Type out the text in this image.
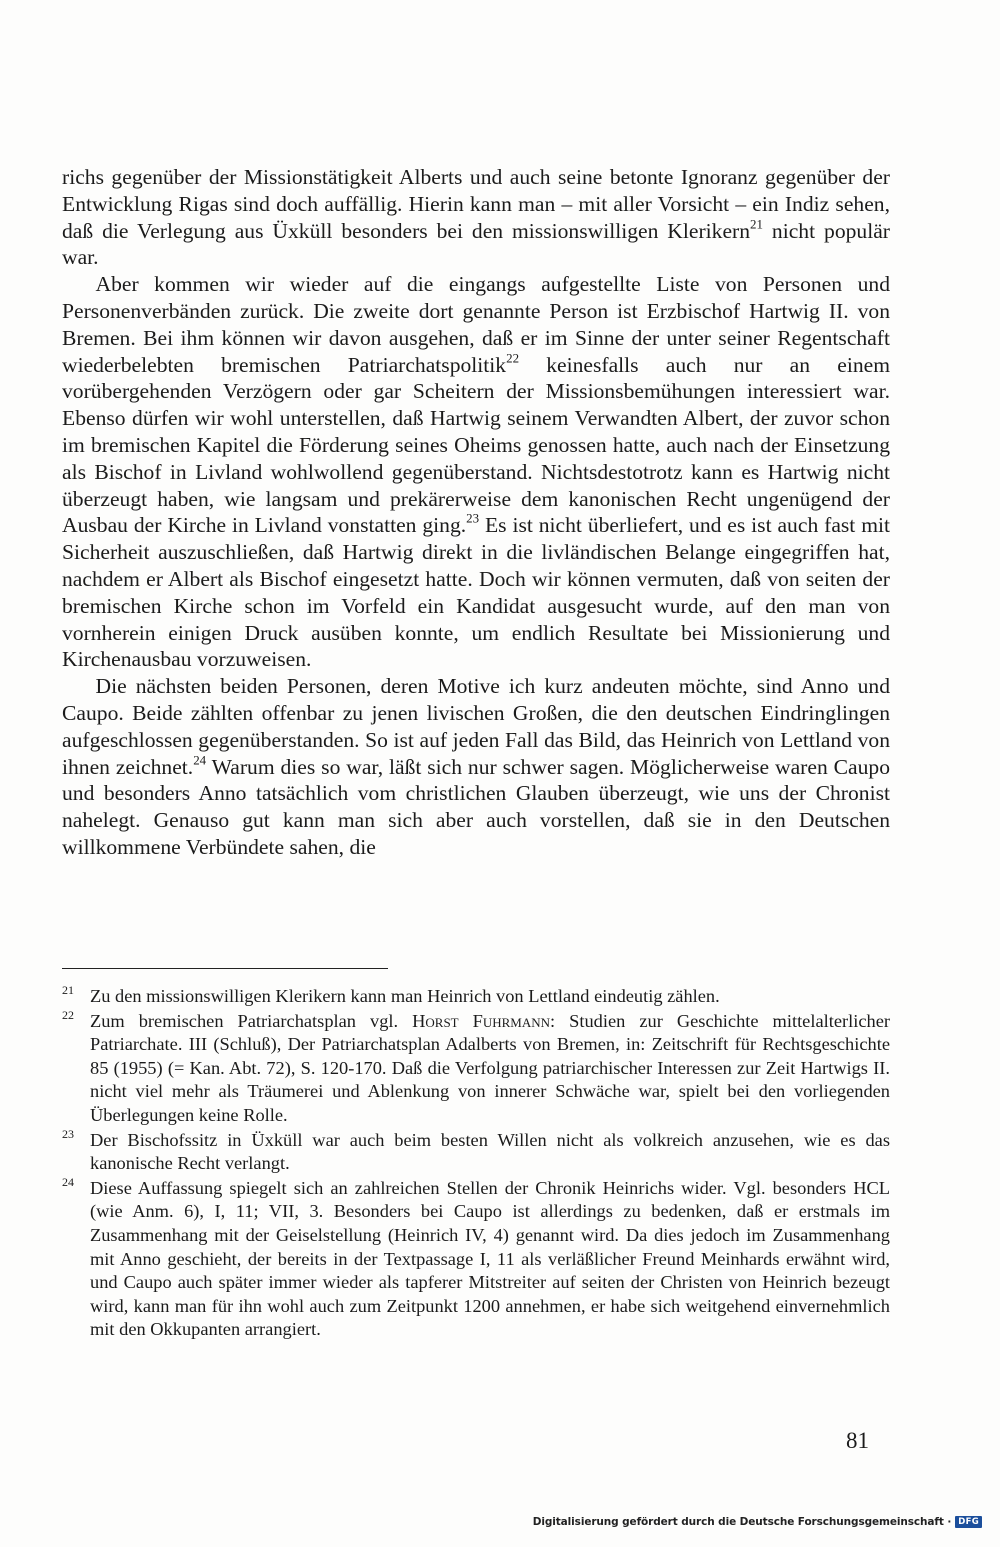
richs gegenüber der Missionstätigkeit Alberts und auch seine betonte Ignoranz gegenüber der Entwicklung Rigas sind doch auffällig. Hierin kann man – mit aller Vorsicht – ein Indiz sehen, daß die Verlegung aus Üxküll besonders bei den missionswilligen Klerikern$^{21}$ nicht populär war.

Aber kommen wir wieder auf die eingangs aufgestellte Liste von Personen und Personenverbänden zurück. Die zweite dort genannte Person ist Erzbischof Hartwig II. von Bremen. Bei ihm können wir davon ausgehen, daß er im Sinne der unter seiner Regentschaft wiederbelebten bremischen Patriarchatspolitik$^{22}$ keinesfalls auch nur an einem vorübergehenden Verzögern oder gar Scheitern der Missionsbemühungen interessiert war. Ebenso dürfen wir wohl unterstellen, daß Hartwig seinem Verwandten Albert, der zuvor schon im bremischen Kapitel die Förderung seines Oheims genossen hatte, auch nach der Einsetzung als Bischof in Livland wohlwollend gegenüberstand. Nichtsdestotrotz kann es Hartwig nicht überzeugt haben, wie langsam und prekärerweise dem kanonischen Recht ungenügend der Ausbau der Kirche in Livland vonstatten ging.$^{23}$ Es ist nicht überliefert, und es ist auch fast mit Sicherheit auszuschließen, daß Hartwig direkt in die livländischen Belange eingegriffen hat, nachdem er Albert als Bischof eingesetzt hatte. Doch wir können vermuten, daß von seiten der bremischen Kirche schon im Vorfeld ein Kandidat ausgesucht wurde, auf den man von vornherein einigen Druck ausüben konnte, um endlich Resultate bei Missionierung und Kirchenausbau vorzuweisen.

Die nächsten beiden Personen, deren Motive ich kurz andeuten möchte, sind Anno und Caupo. Beide zählten offenbar zu jenen livischen Großen, die den deutschen Eindringlingen aufgeschlossen gegenüberstanden. So ist auf jeden Fall das Bild, das Heinrich von Lettland von ihnen zeichnet.$^{24}$ Warum dies so war, läßt sich nur schwer sagen. Möglicherweise waren Caupo und besonders Anno tatsächlich vom christlichen Glauben überzeugt, wie uns der Chronist nahelegt. Genauso gut kann man sich aber auch vorstellen, daß sie in den Deutschen willkommene Verbündete sahen, die

21 Zu den missionswilligen Klerikern kann man Heinrich von Lettland eindeutig zählen.
22 Zum bremischen Patriarchatsplan vgl. Horst Fuhrmann: Studien zur Geschichte mittelalterlicher Patriarchate. III (Schluß), Der Patriarchatsplan Adalberts von Bremen, in: Zeitschrift für Rechtsgeschichte 85 (1955) (= Kan. Abt. 72), S. 120-170. Daß die Verfolgung patriarchischer Interessen zur Zeit Hartwigs II. nicht viel mehr als Träumerei und Ablenkung von innerer Schwäche war, spielt bei den vorliegenden Überlegungen keine Rolle.
23 Der Bischofssitz in Üxküll war auch beim besten Willen nicht als volkreich anzusehen, wie es das kanonische Recht verlangt.
24 Diese Auffassung spiegelt sich an zahlreichen Stellen der Chronik Heinrichs wider. Vgl. besonders HCL (wie Anm. 6), I, 11; VII, 3. Besonders bei Caupo ist allerdings zu bedenken, daß er erstmals im Zusammenhang mit der Geiselstellung (Heinrich IV, 4) genannt wird. Da dies jedoch im Zusammenhang mit Anno geschieht, der bereits in der Textpassage I, 11 als verläßlicher Freund Meinhards erwähnt wird, und Caupo auch später immer wieder als tapferer Mitstreiter auf seiten der Christen von Heinrich bezeugt wird, kann man für ihn wohl auch zum Zeitpunkt 1200 annehmen, er habe sich weitgehend einvernehmlich mit den Okkupanten arrangiert.
81
Digitalisierung gefördert durch die Deutsche Forschungsgemeinschaft · DFG
